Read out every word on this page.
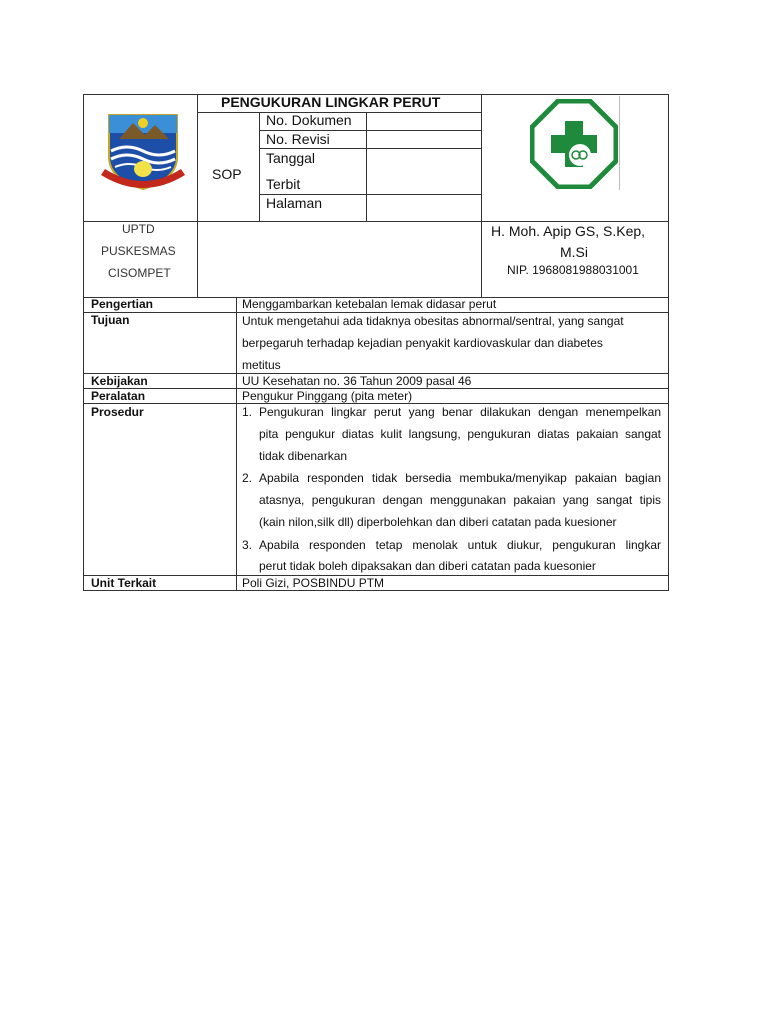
PENGUKURAN LINGKAR PERUT
SOP
No. Dokumen
No. Revisi
Tanggal
Terbit
Halaman
UPTD
PUSKESMAS
CISOMPET
H. Moh. Apip GS, S.Kep,
M.Si
NIP. 1968081988031001
Pengertian	Menggambarkan ketebalan lemak didasar perut
Tujuan	Untuk mengetahui ada tidaknya obesitas abnormal/sentral, yang sangat
berpegaruh terhadap kejadian penyakit kardiovaskular dan diabetes
metitus
Kebijakan	UU Kesehatan no. 36 Tahun 2009 pasal 46
Peralatan	Pengukur Pinggang (pita meter)
Prosedur	1. Pengukuran lingkar perut yang benar dilakukan dengan menempelkan
pita pengukur diatas kulit langsung, pengukuran diatas pakaian sangat
tidak dibenarkan
2. Apabila responden tidak bersedia membuka/menyikap pakaian bagian
atasnya, pengukuran dengan menggunakan pakaian yang sangat tipis
(kain nilon,silk dll) diperbolehkan dan diberi catatan pada kuesioner
3. Apabila responden tetap menolak untuk diukur, pengukuran lingkar
perut tidak boleh dipaksakan dan diberi catatan pada kuesonier
Unit Terkait	Poli Gizi, POSBINDU PTM
